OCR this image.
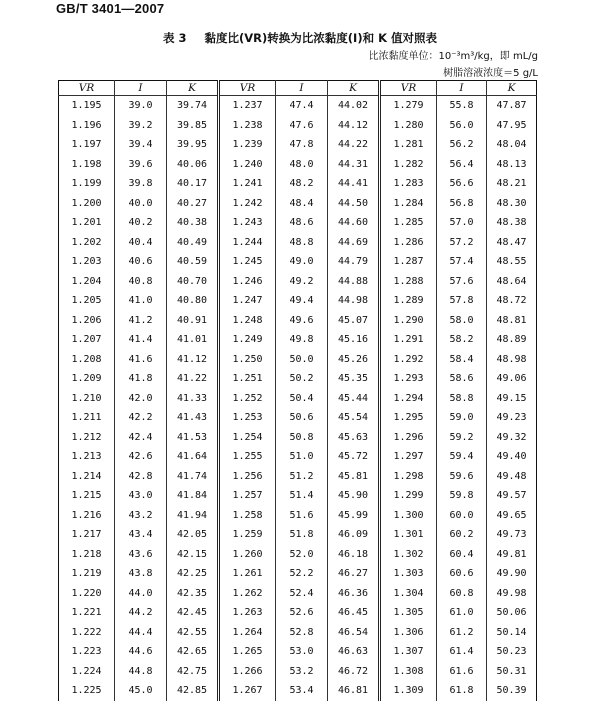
GB/T 3401—2007
表 3 黏度比(VR)转换为比浓黏度(I)和 K 值对照表
比浓黏度单位：10⁻³m³/kg，即 mL/g
树脂溶液浓度＝5 g/L
VR	I	K	VR	I	K	VR	I	K
1.195	39.0	39.74	1.237	47.4	44.02	1.279	55.8	47.87
1.196	39.2	39.85	1.238	47.6	44.12	1.280	56.0	47.95
1.197	39.4	39.95	1.239	47.8	44.22	1.281	56.2	48.04
1.198	39.6	40.06	1.240	48.0	44.31	1.282	56.4	48.13
1.199	39.8	40.17	1.241	48.2	44.41	1.283	56.6	48.21
1.200	40.0	40.27	1.242	48.4	44.50	1.284	56.8	48.30
1.201	40.2	40.38	1.243	48.6	44.60	1.285	57.0	48.38
1.202	40.4	40.49	1.244	48.8	44.69	1.286	57.2	48.47
1.203	40.6	40.59	1.245	49.0	44.79	1.287	57.4	48.55
1.204	40.8	40.70	1.246	49.2	44.88	1.288	57.6	48.64
1.205	41.0	40.80	1.247	49.4	44.98	1.289	57.8	48.72
1.206	41.2	40.91	1.248	49.6	45.07	1.290	58.0	48.81
1.207	41.4	41.01	1.249	49.8	45.16	1.291	58.2	48.89
1.208	41.6	41.12	1.250	50.0	45.26	1.292	58.4	48.98
1.209	41.8	41.22	1.251	50.2	45.35	1.293	58.6	49.06
1.210	42.0	41.33	1.252	50.4	45.44	1.294	58.8	49.15
1.211	42.2	41.43	1.253	50.6	45.54	1.295	59.0	49.23
1.212	42.4	41.53	1.254	50.8	45.63	1.296	59.2	49.32
1.213	42.6	41.64	1.255	51.0	45.72	1.297	59.4	49.40
1.214	42.8	41.74	1.256	51.2	45.81	1.298	59.6	49.48
1.215	43.0	41.84	1.257	51.4	45.90	1.299	59.8	49.57
1.216	43.2	41.94	1.258	51.6	45.99	1.300	60.0	49.65
1.217	43.4	42.05	1.259	51.8	46.09	1.301	60.2	49.73
1.218	43.6	42.15	1.260	52.0	46.18	1.302	60.4	49.81
1.219	43.8	42.25	1.261	52.2	46.27	1.303	60.6	49.90
1.220	44.0	42.35	1.262	52.4	46.36	1.304	60.8	49.98
1.221	44.2	42.45	1.263	52.6	46.45	1.305	61.0	50.06
1.222	44.4	42.55	1.264	52.8	46.54	1.306	61.2	50.14
1.223	44.6	42.65	1.265	53.0	46.63	1.307	61.4	50.23
1.224	44.8	42.75	1.266	53.2	46.72	1.308	61.6	50.31
1.225	45.0	42.85	1.267	53.4	46.81	1.309	61.8	50.39
